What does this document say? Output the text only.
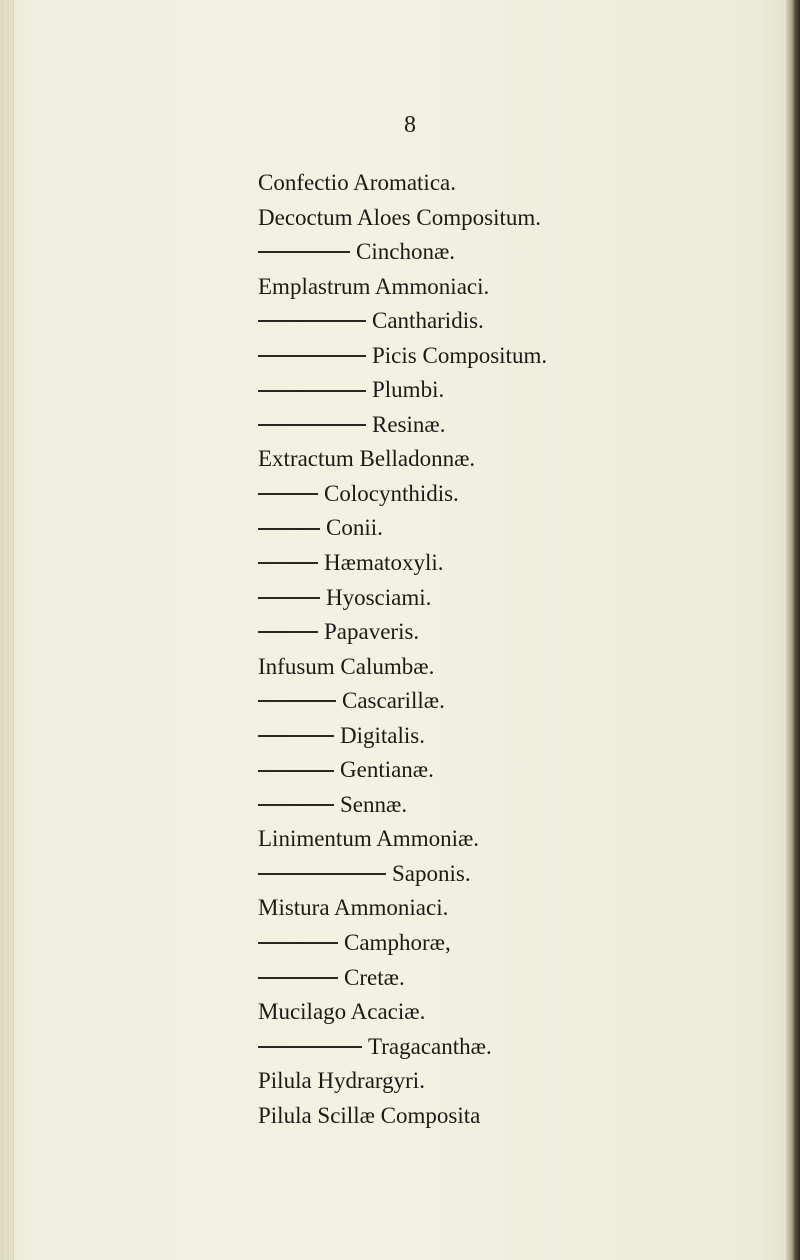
8
Confectio Aromatica.
Decoctum Aloes Compositum.
Cinchonæ.
Emplastrum Ammoniaci.
Cantharidis.
Picis Compositum.
Plumbi.
Resinæ.
Extractum Belladonnæ.
Colocynthidis.
Conii.
Hæmatoxyli.
Hyosciami.
Papaveris.
Infusum Calumbæ.
Cascarillæ.
Digitalis.
Gentianæ.
Sennæ.
Linimentum Ammoniæ.
Saponis.
Mistura Ammoniaci.
Camphoræ,
Cretæ.
Mucilago Acaciæ.
Tragacanthæ.
Pilula Hydrargyri.
Pilula Scillæ Composita
